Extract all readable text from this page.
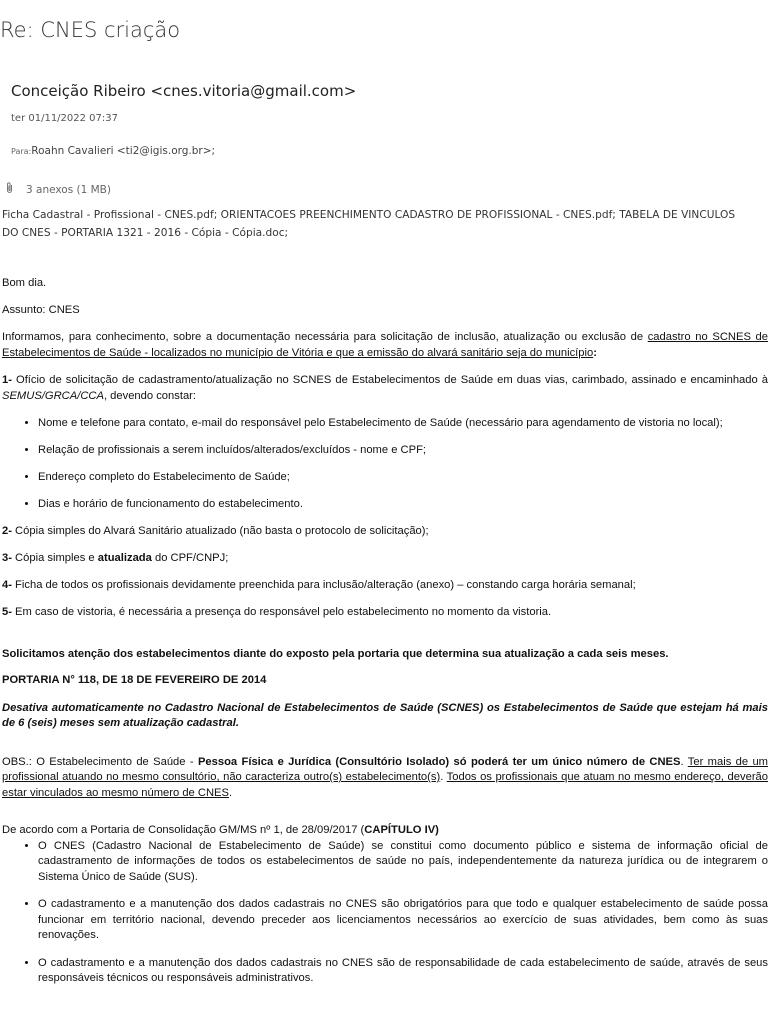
Re: CNES criação
Conceição Ribeiro <cnes.vitoria@gmail.com>
ter 01/11/2022 07:37
Para:Roahn Cavalieri <ti2@igis.org.br>;
3 anexos (1 MB)
Ficha Cadastral - Profissional - CNES.pdf; ORIENTACOES PREENCHIMENTO CADASTRO DE PROFISSIONAL - CNES.pdf; TABELA DE VINCULOS DO CNES - PORTARIA 1321 - 2016 - Cópia - Cópia.doc;

Bom dia.

Assunto: CNES

Informamos, para conhecimento, sobre a documentação necessária para solicitação de inclusão, atualização ou exclusão de cadastro no SCNES de Estabelecimentos de Saúde - localizados no município de Vitória e que a emissão do alvará sanitário seja do município:

1- Ofício de solicitação de cadastramento/atualização no SCNES de Estabelecimentos de Saúde em duas vias, carimbado, assinado e encaminhado à SEMUS/GRCA/CCA, devendo constar:

• Nome e telefone para contato, e-mail do responsável pelo Estabelecimento de Saúde (necessário para agendamento de vistoria no local);
• Relação de profissionais a serem incluídos/alterados/excluídos - nome e CPF;
• Endereço completo do Estabelecimento de Saúde;
• Dias e horário de funcionamento do estabelecimento.

2- Cópia simples do Alvará Sanitário atualizado (não basta o protocolo de solicitação);

3- Cópia simples e atualizada do CPF/CNPJ;

4- Ficha de todos os profissionais devidamente preenchida para inclusão/alteração (anexo) – constando carga horária semanal;

5- Em caso de vistoria, é necessária a presença do responsável pelo estabelecimento no momento da vistoria.

Solicitamos atenção dos estabelecimentos diante do exposto pela portaria que determina sua atualização a cada seis meses.

PORTARIA N° 118, DE 18 DE FEVEREIRO DE 2014

Desativa automaticamente no Cadastro Nacional de Estabelecimentos de Saúde (SCNES) os Estabelecimentos de Saúde que estejam há mais de 6 (seis) meses sem atualização cadastral.

OBS.: O Estabelecimento de Saúde - Pessoa Física e Jurídica (Consultório Isolado) só poderá ter um único número de CNES. Ter mais de um profissional atuando no mesmo consultório, não caracteriza outro(s) estabelecimento(s). Todos os profissionais que atuam no mesmo endereço, deverão estar vinculados ao mesmo número de CNES.

De acordo com a Portaria de Consolidação GM/MS nº 1, de 28/09/2017 (CAPÍTULO IV)

• O CNES (Cadastro Nacional de Estabelecimento de Saúde) se constitui como documento público e sistema de informação oficial de cadastramento de informações de todos os estabelecimentos de saúde no país, independentemente da natureza jurídica ou de integrarem o Sistema Único de Saúde (SUS).
• O cadastramento e a manutenção dos dados cadastrais no CNES são obrigatórios para que todo e qualquer estabelecimento de saúde possa funcionar em território nacional, devendo preceder aos licenciamentos necessários ao exercício de suas atividades, bem como às suas renovações.
• O cadastramento e a manutenção dos dados cadastrais no CNES são de responsabilidade de cada estabelecimento de saúde, através de seus responsáveis técnicos ou responsáveis administrativos.
